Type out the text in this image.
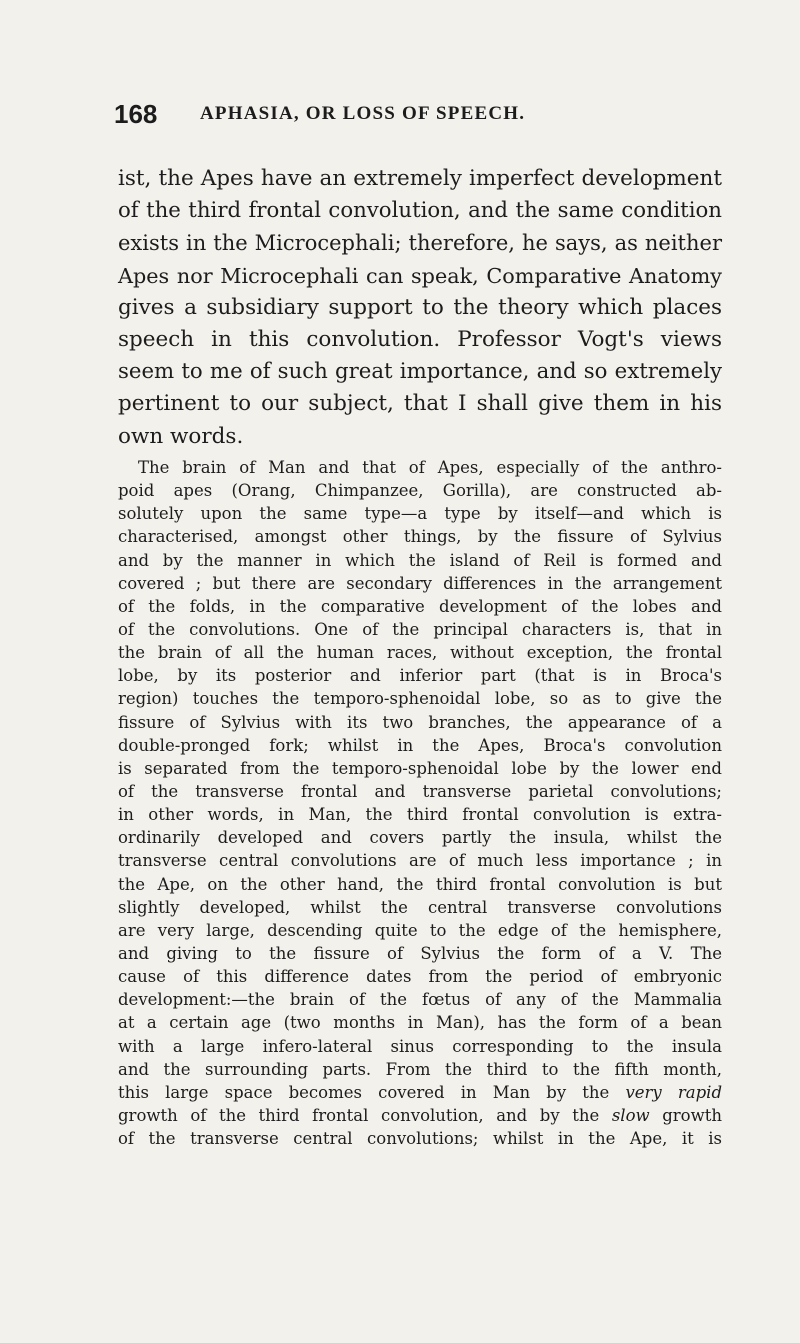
168 APHASIA, OR LOSS OF SPEECH.
ist, the Apes have an extremely imperfect development
of the third frontal convolution, and the same condition
exists in the Microcephali; therefore, he says, as neither
Apes nor Microcephali can speak, Comparative Anatomy
gives a subsidiary support to the theory which places
speech in this convolution. Professor Vogt's views
seem to me of such great importance, and so extremely
pertinent to our subject, that I shall give them in his
own words.
The brain of Man and that of Apes, especially of the anthro-
poid apes (Orang, Chimpanzee, Gorilla), are constructed ab-
solutely upon the same type—a type by itself—and which is
characterised, amongst other things, by the fissure of Sylvius
and by the manner in which the island of Reil is formed and
covered ; but there are secondary differences in the arrangement
of the folds, in the comparative development of the lobes and
of the convolutions. One of the principal characters is, that in
the brain of all the human races, without exception, the frontal
lobe, by its posterior and inferior part (that is in Broca's
region) touches the temporo-sphenoidal lobe, so as to give the
fissure of Sylvius with its two branches, the appearance of a
double-pronged fork; whilst in the Apes, Broca's convolution
is separated from the temporo-sphenoidal lobe by the lower end
of the transverse frontal and transverse parietal convolutions;
in other words, in Man, the third frontal convolution is extra-
ordinarily developed and covers partly the insula, whilst the
transverse central convolutions are of much less importance ; in
the Ape, on the other hand, the third frontal convolution is but
slightly developed, whilst the central transverse convolutions
are very large, descending quite to the edge of the hemisphere,
and giving to the fissure of Sylvius the form of a V. The
cause of this difference dates from the period of embryonic
development:—the brain of the fœtus of any of the Mammalia
at a certain age (two months in Man), has the form of a bean
with a large infero-lateral sinus corresponding to the insula
and the surrounding parts. From the third to the fifth month,
this large space becomes covered in Man by the very rapid
growth of the third frontal convolution, and by the slow growth
of the transverse central convolutions; whilst in the Ape, it is
